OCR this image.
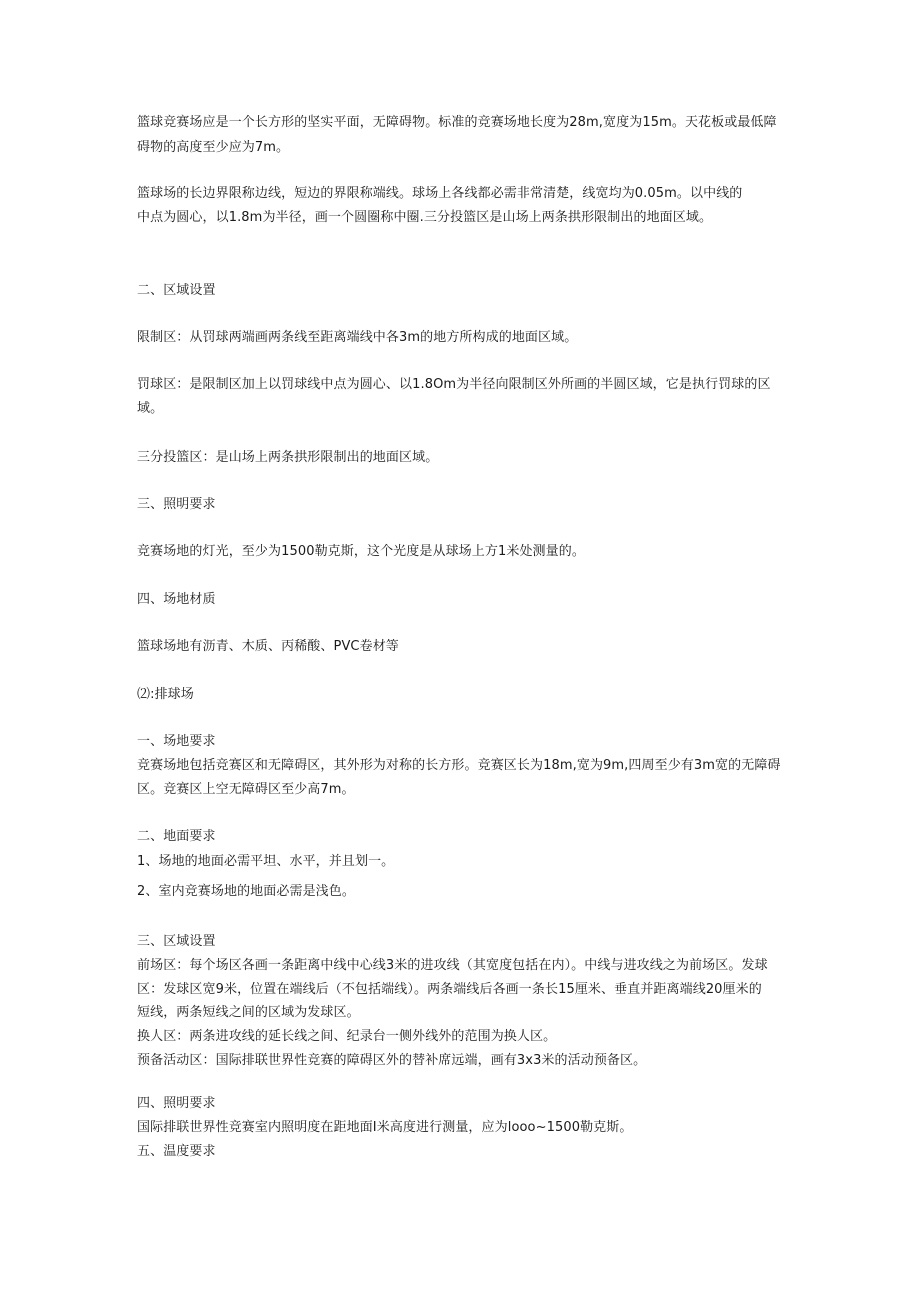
篮球竞赛场应是一个长方形的坚实平面，无障碍物。标准的竞赛场地长度为28m,宽度为15m。天花板或最低障
碍物的高度至少应为7m。
篮球场的长边界限称边线，短边的界限称端线。球场上各线都必需非常清楚，线宽均为0.05m。以中线的
中点为圆心，以1.8m为半径，画一个圆圈称中圈.三分投篮区是山场上两条拱形限制出的地面区域。
二、区域设置
限制区：从罚球两端画两条线至距离端线中各3m的地方所构成的地面区域。
罚球区：是限制区加上以罚球线中点为圆心、以1.8Om为半径向限制区外所画的半圆区域，它是执行罚球的区
域。
三分投篮区：是山场上两条拱形限制出的地面区域。
三、照明要求
竞赛场地的灯光，至少为1500勒克斯，这个光度是从球场上方1米处测量的。
四、场地材质
篮球场地有沥青、木质、丙稀酸、PVC卷材等
⑵:排球场
一、场地要求
竞赛场地包括竞赛区和无障碍区，其外形为对称的长方形。竞赛区长为18m,宽为9m,四周至少有3m宽的无障碍
区。竞赛区上空无障碍区至少高7m。
二、地面要求
1、场地的地面必需平坦、水平，并且划一。
2、室内竞赛场地的地面必需是浅色。
三、区域设置
前场区：每个场区各画一条距离中线中心线3米的进攻线（其宽度包括在内）。中线与进攻线之为前场区。发球
区：发球区宽9米，位置在端线后（不包括端线）。两条端线后各画一条长15厘米、垂直并距离端线20厘米的
短线，两条短线之间的区域为发球区。
换人区：两条进攻线的延长线之间、纪录台一侧外线外的范围为换人区。
预备活动区：国际排联世界性竞赛的障碍区外的替补席远端，画有3x3米的活动预备区。
四、照明要求
国际排联世界性竞赛室内照明度在距地面I米高度进行测量，应为looo~1500勒克斯。
五、温度要求
